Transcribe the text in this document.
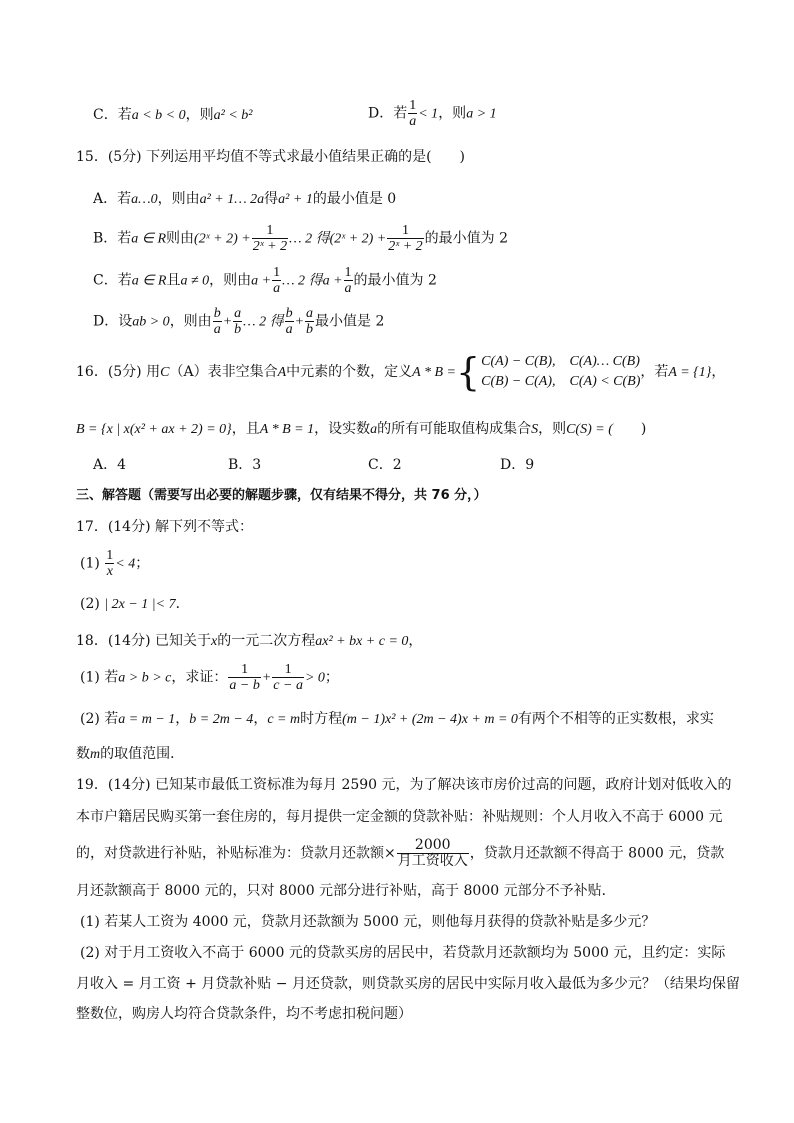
C．若a < b < 0，则a² < b²	D．若 $\frac{1}{a} < 1$，则a > 1
15．(5分) 下列运用平均值不等式求最小值结果正确的是(　　)
A．若a…0，则由a² + 1… 2a得a² + 1的最小值是 0
B．若a ∈ R则由(2ˣ + $2) + \frac{1}{\text{2ˣ + 2}}$ … 2 得(2ˣ + $2) + \frac{1}{\text{2ˣ + 2}}$ 的最小值为 2
C．若a ∈ R且a ≠ 0，则由$a + \frac{1}{a}$ … 2 得$a + \frac{1}{a}$ 的最小值为 2
D．设ab > 0，则由 $\frac{b}{a} + \frac{a}{b}$ … 2 得 $\frac{b}{a} + \frac{a}{b}$ 最小值是 2
16．(5分) 用C（A）表非空集合A中元素的个数，定义A * B ={ C(A) − C(B),　C(A)… C(B)
C(B) − C(A),　C(A) < C(B)
，若A = {1}，
B = {x | x(x² + ax + 2) = 0}，且A * B = 1，设实数a的所有可能取值构成集合S，则C(S) = (　　)
A．4	B．3	C．2	D．9
三、解答题（需要写出必要的解题步骤，仅有结果不得分，共 76 分，）
17．(14分) 解下列不等式：
$(1) \frac{1}{x} < 4$；
(2) | 2x − 1 |< 7．
18．(14分) 已知关于x的一元二次方程ax² + bx + c = 0，
(1) 若a > b > c，求证： $\frac{1}{a - b} + \frac{1}{c - a} > 0$；
(2) 若a = m − 1，b = 2m − 4，c = m时方程(m − 1)x² + (2m − 4)x + m = 0有两个不相等的正实数根，求实
数m的取值范围．
19．(14分) 已知某市最低工资标准为每月 2590 元，为了解决该市房价过高的问题，政府计划对低收入的
本市户籍居民购买第一套住房的，每月提供一定金额的贷款补贴：补贴规则：个人月收入不高于 6000 元
的，对贷款进行补贴，补贴标准为：贷款月还款额× $\frac{2000}{\text{月工资收入}}$ ，贷款月还款额不得高于 8000 元，贷款
月还款额高于 8000 元的，只对 8000 元部分进行补贴，高于 8000 元部分不予补贴．
(1) 若某人工资为 4000 元，贷款月还款额为 5000 元，则他每月获得的贷款补贴是多少元？
(2) 对于月工资收入不高于 6000 元的贷款买房的居民中，若贷款月还款额均为 5000 元，且约定：实际
月收入 = 月工资 + 月贷款补贴 − 月还贷款，则贷款买房的居民中实际月收入最低为多少元？（结果均保留
整数位，购房人均符合贷款条件，均不考虑扣税问题）
